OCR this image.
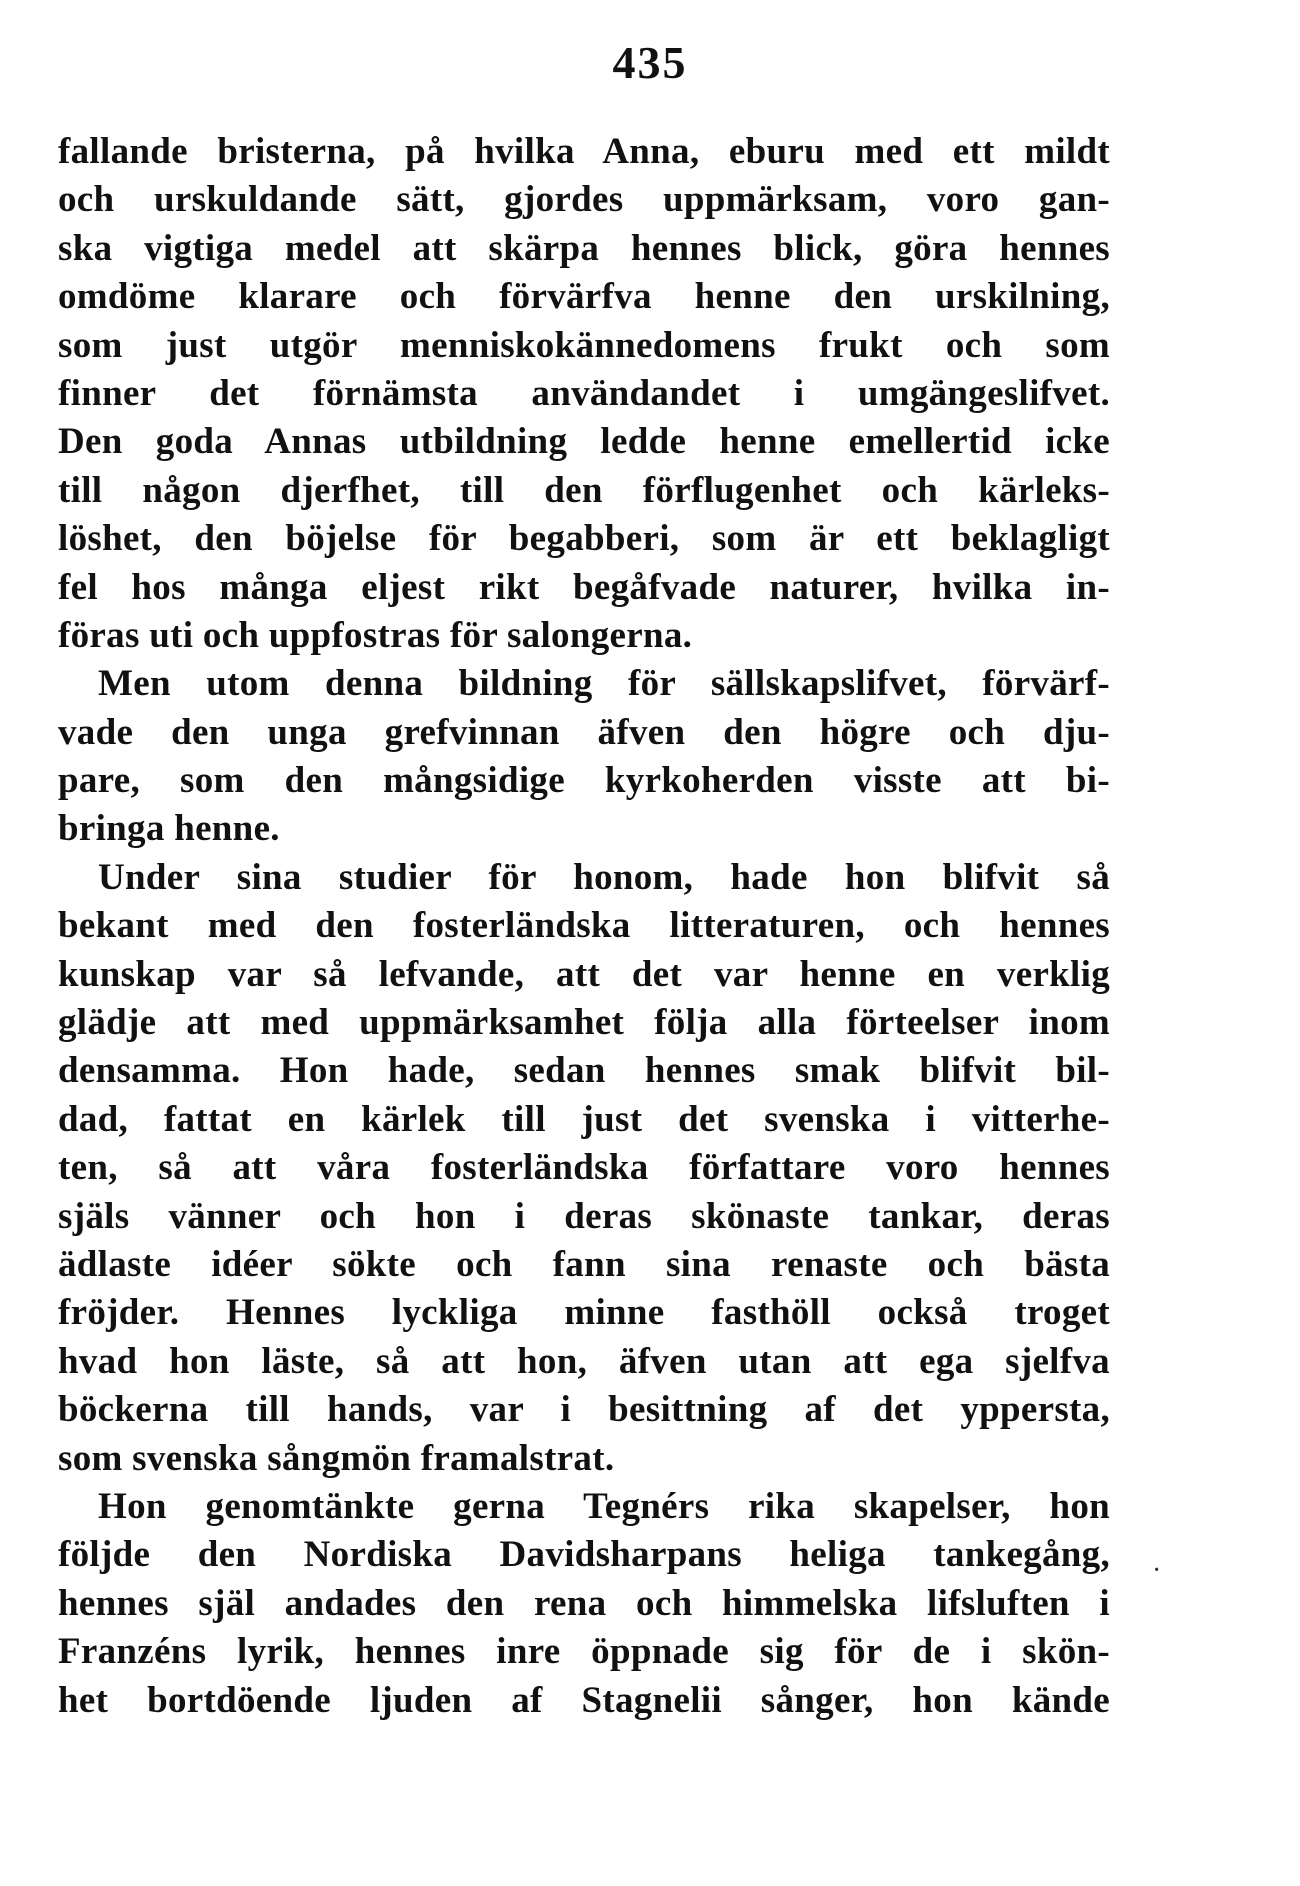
435
fallande bristerna, på hvilka Anna, eburu med ett mildt
och urskuldande sätt, gjordes uppmärksam, voro gan-
ska vigtiga medel att skärpa hennes blick, göra hennes
omdöme klarare och förvärfva henne den urskilning,
som just utgör menniskokännedomens frukt och som
finner det förnämsta användandet i umgängeslifvet.
Den goda Annas utbildning ledde henne emellertid icke
till någon djerfhet, till den förflugenhet och kärleks-
löshet, den böjelse för begabberi, som är ett beklagligt
fel hos många eljest rikt begåfvade naturer, hvilka in-
föras uti och uppfostras för salongerna.
Men utom denna bildning för sällskapslifvet, förvärf-
vade den unga grefvinnan äfven den högre och dju-
pare, som den mångsidige kyrkoherden visste att bi-
bringa henne.
Under sina studier för honom, hade hon blifvit så
bekant med den fosterländska litteraturen, och hennes
kunskap var så lefvande, att det var henne en verklig
glädje att med uppmärksamhet följa alla förteelser inom
densamma. Hon hade, sedan hennes smak blifvit bil-
dad, fattat en kärlek till just det svenska i vitterhe-
ten, så att våra fosterländska författare voro hennes
själs vänner och hon i deras skönaste tankar, deras
ädlaste idéer sökte och fann sina renaste och bästa
fröjder. Hennes lyckliga minne fasthöll också troget
hvad hon läste, så att hon, äfven utan att ega sjelfva
böckerna till hands, var i besittning af det yppersta,
som svenska sångmön framalstrat.
Hon genomtänkte gerna Tegnérs rika skapelser, hon
följde den Nordiska Davidsharpans heliga tankegång,
hennes själ andades den rena och himmelska lifsluften i
Franzéns lyrik, hennes inre öppnade sig för de i skön-
het bortdöende ljuden af Stagnelii sånger, hon kände
·
